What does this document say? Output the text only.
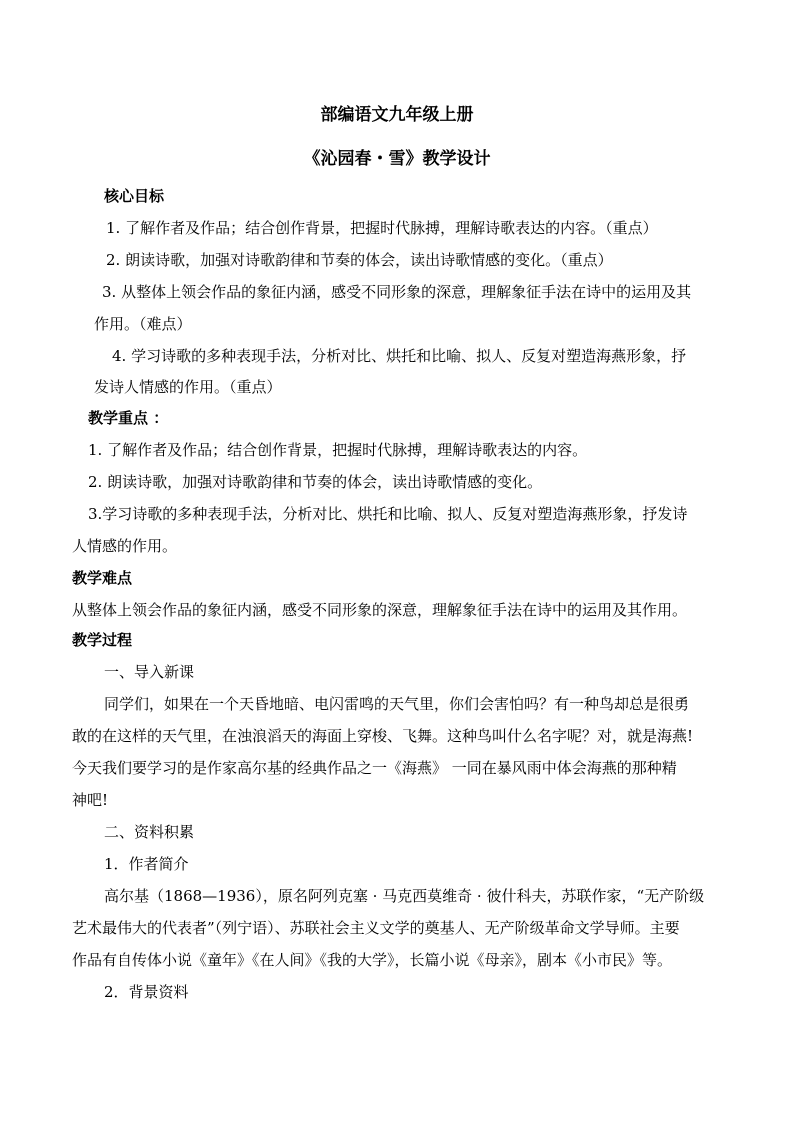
部编语文九年级上册
《沁园春・雪》教学设计
核心目标
1. 了解作者及作品；结合创作背景，把握时代脉搏，理解诗歌表达的内容。（重点）
2. 朗读诗歌，加强对诗歌韵律和节奏的体会，读出诗歌情感的变化。（重点）
3. 从整体上领会作品的象征内涵，感受不同形象的深意，理解象征手法在诗中的运用及其
作用。（难点）
4. 学习诗歌的多种表现手法，分析对比、烘托和比喻、拟人、反复对塑造海燕形象，抒
发诗人情感的作用。（重点）
教学重点 ：
1. 了解作者及作品；结合创作背景，把握时代脉搏，理解诗歌表达的内容。
2. 朗读诗歌，加强对诗歌韵律和节奏的体会，读出诗歌情感的变化。
3.学习诗歌的多种表现手法，分析对比、烘托和比喻、拟人、反复对塑造海燕形象，抒发诗
人情感的作用。
教学难点
从整体上领会作品的象征内涵，感受不同形象的深意，理解象征手法在诗中的运用及其作用。
教学过程
一、导入新课
同学们，如果在一个天昏地暗、电闪雷鸣的天气里，你们会害怕吗？有一种鸟却总是很勇
敢的在这样的天气里，在浊浪滔天的海面上穿梭、飞舞。这种鸟叫什么名字呢？对，就是海燕!
今天我们要学习的是作家高尔基的经典作品之一《海燕》 一同在暴风雨中体会海燕的那种精
神吧!
二、资料积累
1．作者简介
高尔基（1868—1936），原名阿列克塞 · 马克西莫维奇 · 彼什科夫，苏联作家，“无产阶级
艺术最伟大的代表者”（列宁语）、苏联社会主义文学的奠基人、无产阶级革命文学导师。主要
作品有自传体小说《童年》《在人间》《我的大学》，长篇小说《母亲》，剧本《小市民》等。
2．背景资料
